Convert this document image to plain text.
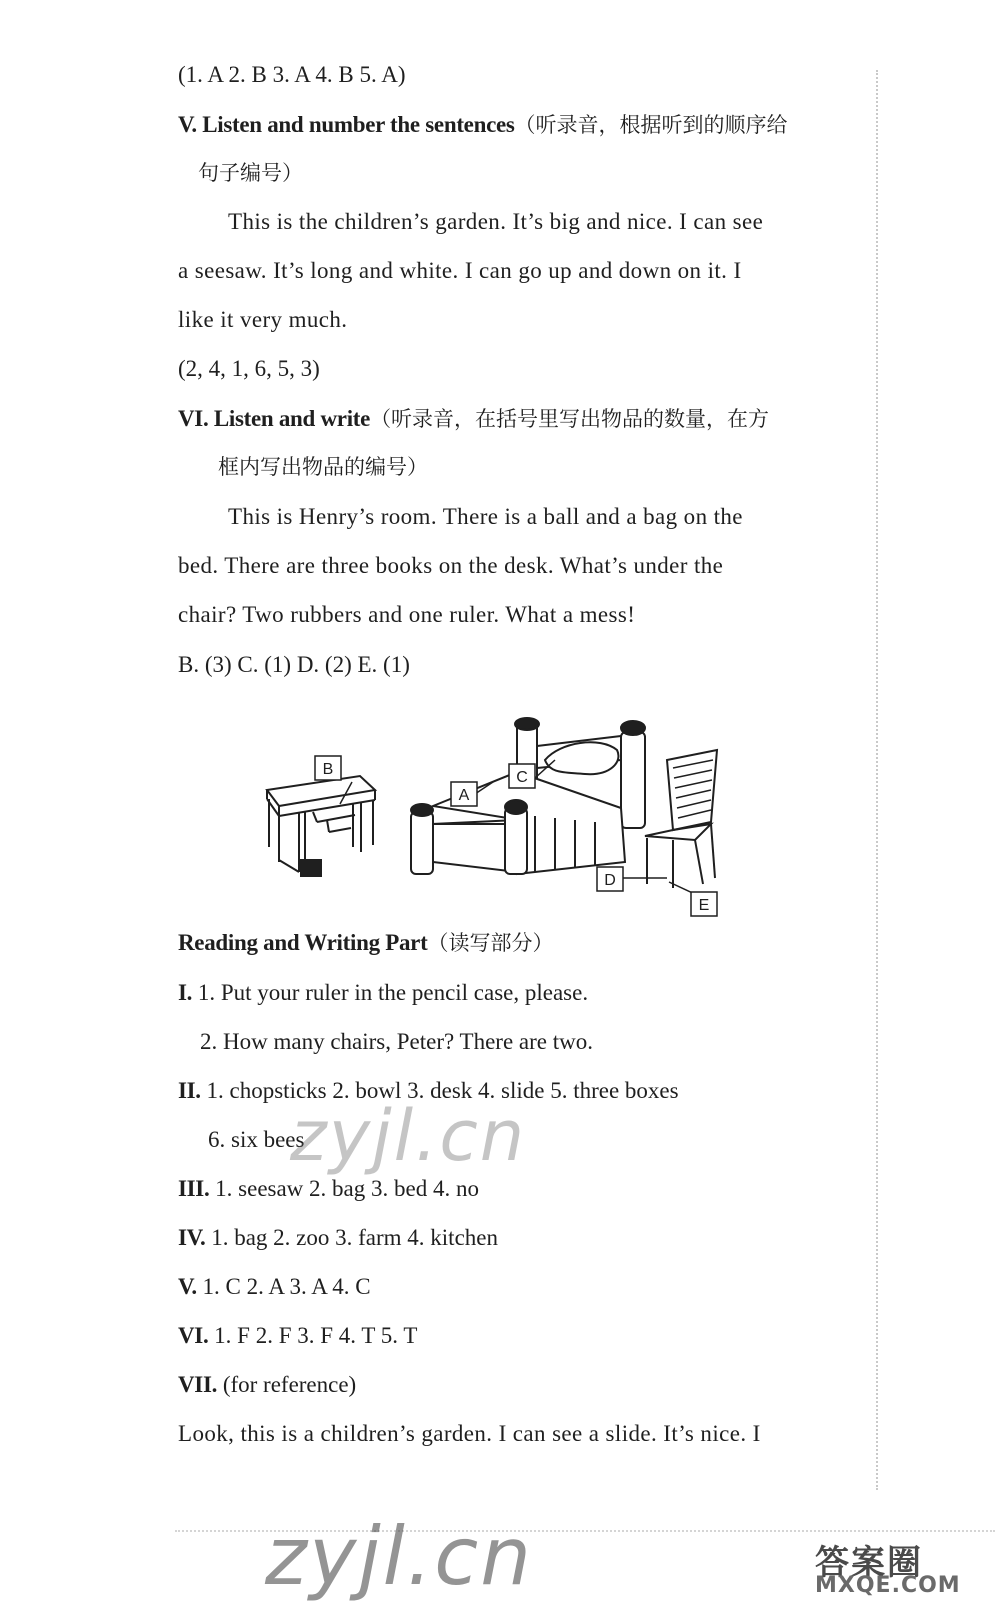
(1. A 2. B 3. A 4. B 5. A)
V. Listen and number the sentences（听录音，根据听到的顺序给
句子编号）
This is the children’s garden. It’s big and nice. I can see
a seesaw. It’s long and white. I can go up and down on it. I
like it very much.
(2, 4, 1, 6, 5, 3)
VI. Listen and write（听录音，在括号里写出物品的数量，在方
框内写出物品的编号）
This is Henry’s room. There is a ball and a bag on the
bed. There are three books on the desk. What’s under the
chair? Two rubbers and one ruler. What a mess!
B. (3) C. (1) D. (2) E. (1)
B
A
C
D
E
Reading and Writing Part（读写部分）
I. 1. Put your ruler in the pencil case, please.
2. How many chairs, Peter? There are two.
II. 1. chopsticks 2. bowl 3. desk 4. slide 5. three boxes
6. six bees
III. 1. seesaw 2. bag 3. bed 4. no
IV. 1. bag 2. zoo 3. farm 4. kitchen
V. 1. C 2. A 3. A 4. C
VI. 1. F 2. F 3. F 4. T 5. T
VII. (for reference)
Look, this is a children’s garden. I can see a slide. It’s nice. I
zyjl.cn
zyjl.cn	答案圈
MXQE.COM
